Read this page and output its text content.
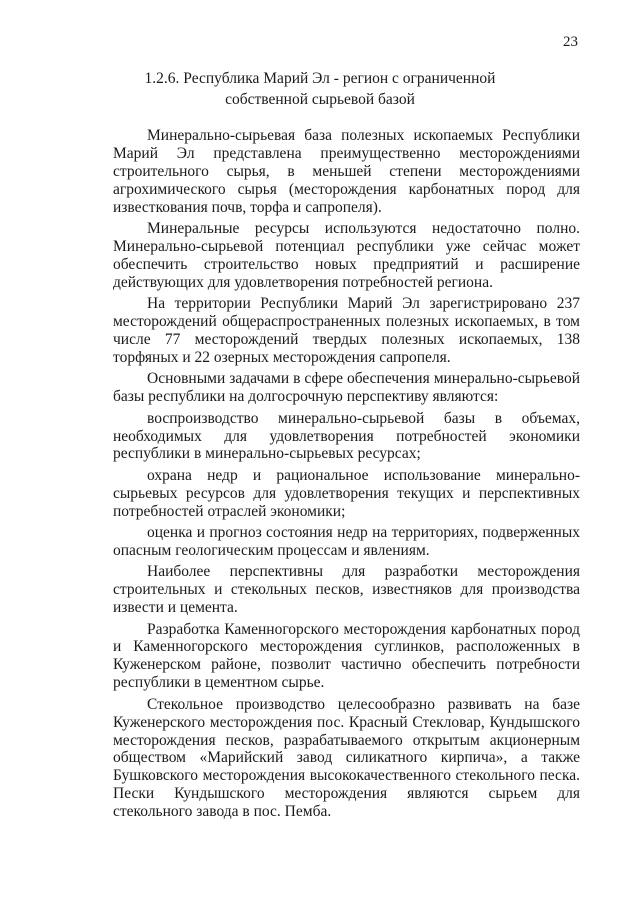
23
1.2.6. Республика Марий Эл - регион с ограниченной
собственной сырьевой базой

Минерально-сырьевая база полезных ископаемых Республики Марий Эл представлена преимущественно месторождениями строительного сырья, в меньшей степени месторождениями агрохимического сырья (месторождения карбонатных пород для известкования почв, торфа и сапропеля).

Минеральные ресурсы используются недостаточно полно. Минерально-сырьевой потенциал республики уже сейчас может обеспечить строительство новых предприятий и расширение действующих для удовлетворения потребностей региона.

На территории Республики Марий Эл зарегистрировано 237 месторождений общераспространенных полезных ископаемых, в том числе 77 месторождений твердых полезных ископаемых, 138 торфяных и 22 озерных месторождения сапропеля.

Основными задачами в сфере обеспечения минерально-сырьевой базы республики на долгосрочную перспективу являются:

воспроизводство минерально-сырьевой базы в объемах, необходимых для удовлетворения потребностей экономики республики в минерально-сырьевых ресурсах;

охрана недр и рациональное использование минерально-сырьевых ресурсов для удовлетворения текущих и перспективных потребностей отраслей экономики;

оценка и прогноз состояния недр на территориях, подверженных опасным геологическим процессам и явлениям.

Наиболее перспективны для разработки месторождения строительных и стекольных песков, известняков для производства извести и цемента.

Разработка Каменногорского месторождения карбонатных пород и Каменногорского месторождения суглинков, расположенных в Куженерском районе, позволит частично обеспечить потребности республики в цементном сырье.

Стекольное производство целесообразно развивать на базе Куженерского месторождения пос. Красный Стекловар, Кундышского месторождения песков, разрабатываемого открытым акционерным обществом «Марийский завод силикатного кирпича», а также Бушковского месторождения высококачественного стекольного песка. Пески Кундышского месторождения являются сырьем для стекольного завода в пос. Пемба.
